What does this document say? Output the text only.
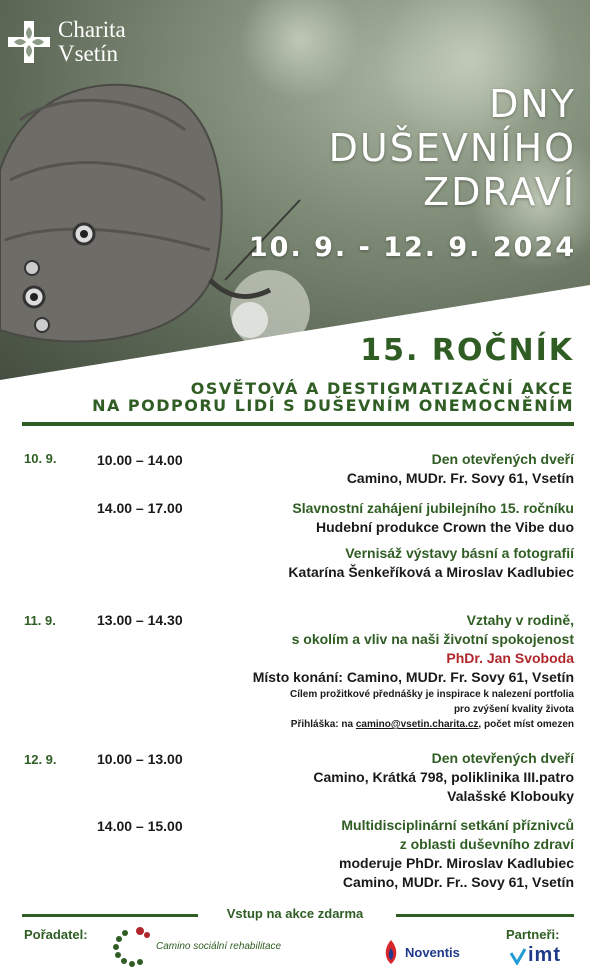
Charita
Vsetín
DNY
DUŠEVNÍHO
ZDRAVÍ
10. 9. - 12. 9. 2024
15. ROČNÍK
OSVĚTOVÁ A DESTIGMATIZAČNÍ AKCE
NA PODPORU LIDÍ S DUŠEVNÍM ONEMOCNĚNÍM
10. 9.	10.00 – 14.00	Den otevřených dveří
Camino, MUDr. Fr. Sovy 61, Vsetín
14.00 – 17.00	Slavnostní zahájení jubilejního 15. ročníku
Hudební produkce Crown the Vibe duo
Vernisáž výstavy básní a fotografií
Katarína Šenkeříková a Miroslav Kadlubiec
11. 9.	13.00 – 14.30	Vztahy v rodině,
s okolím a vliv na naši životní spokojenost
PhDr. Jan Svoboda
Místo konání: Camino, MUDr. Fr. Sovy 61, Vsetín
Cílem prožitkové přednášky je inspirace k nalezení portfolia
pro zvýšení kvality života
Přihláška: na camino@vsetin.charita.cz, počet míst omezen
12. 9.	10.00 – 13.00	Den otevřených dveří
Camino, Krátká 798, poliklinika III.patro
Valašské Klobouky
14.00 – 15.00	Multidisciplinární setkání příznivců
z oblasti duševního zdraví
moderuje PhDr. Miroslav Kadlubiec
Camino, MUDr. Fr.. Sovy 61, Vsetín
Vstup na akce zdarma
Pořadatel:
Camino sociální rehabilitace
Partneři:
Noventis	imt
